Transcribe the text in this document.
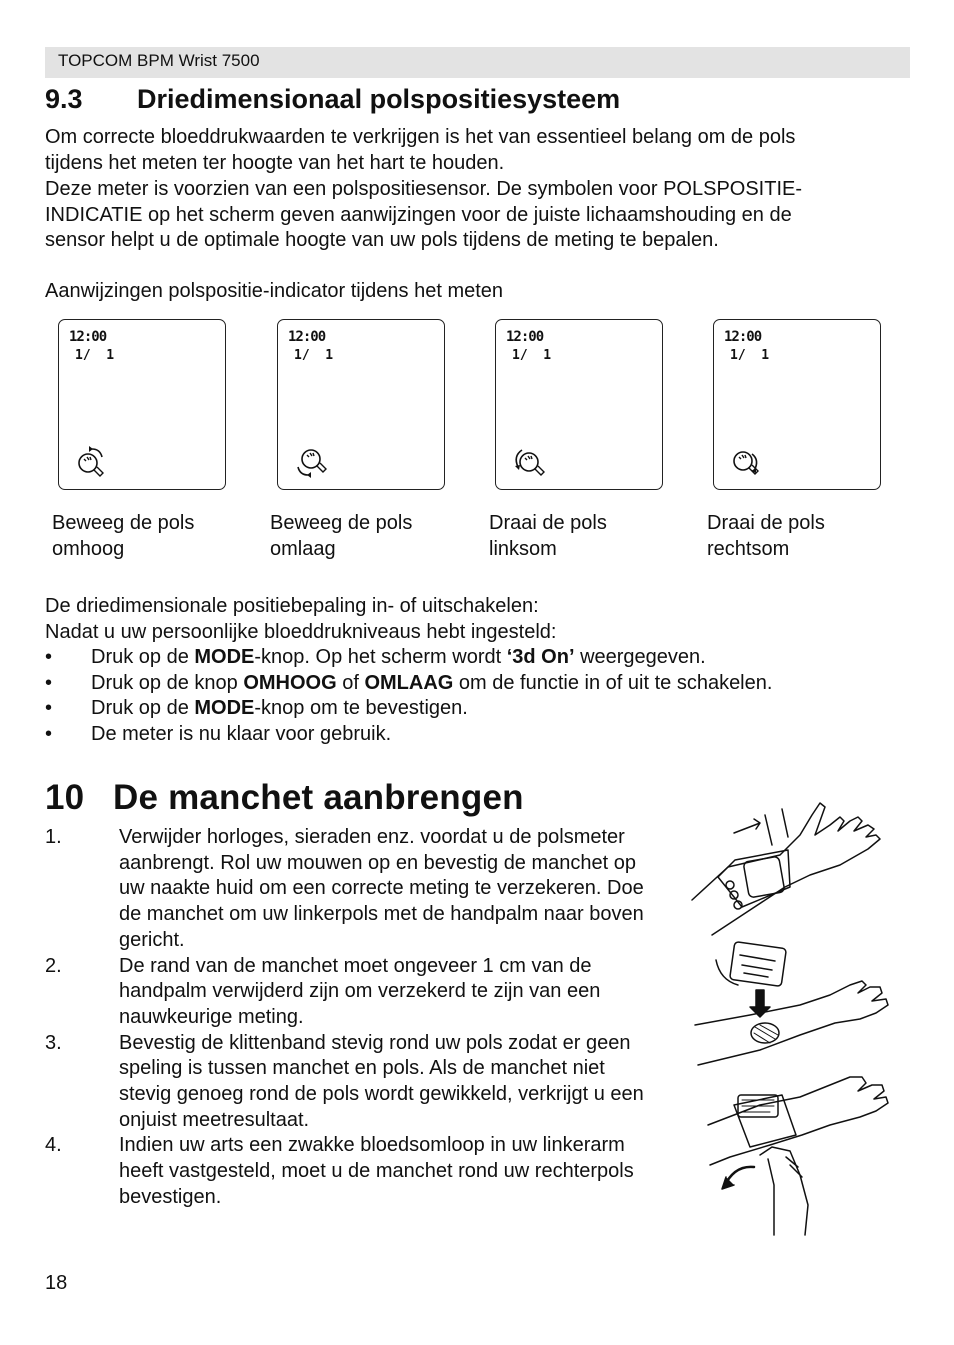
TOPCOM BPM Wrist 7500
9.3 Driedimensionaal polspositiesysteem
Om correcte bloeddrukwaarden te verkrijgen is het van essentieel belang om de pols
tijdens het meten ter hoogte van het hart te houden.
Deze meter is voorzien van een polspositiesensor. De symbolen voor POLSPOSITIE-
INDICATIE op het scherm geven aanwijzingen voor de juiste lichaamshouding en de
sensor helpt u de optimale hoogte van uw pols tijdens de meting te bepalen.
Aanwijzingen polspositie-indicator tijdens het meten
12:00
1/  1
12:00
1/  1
12:00
1/  1
12:00
1/  1
Beweeg de pols
omhoog
Beweeg de pols
omlaag
Draai de pols
linksom
Draai de pols
rechtsom
De driedimensionale positiebepaling in- of uitschakelen:
Nadat u uw persoonlijke bloeddrukniveaus hebt ingesteld:
• Druk op de MODE-knop. Op het scherm wordt ‘3d On’ weergegeven.
• Druk op de knop OMHOOG of OMLAAG om de functie in of uit te schakelen.
• Druk op de MODE-knop om te bevestigen.
• De meter is nu klaar voor gebruik.
10 De manchet aanbrengen
1.	Verwijder horloges, sieraden enz. voordat u de polsmeter aanbrengt. Rol uw mouwen op en bevestig de manchet op uw naakte huid om een correcte meting te verzekeren. Doe de manchet om uw linkerpols met de handpalm naar boven gericht.
2.	De rand van de manchet moet ongeveer 1 cm van de handpalm verwijderd zijn om verzekerd te zijn van een nauwkeurige meting.
3.	Bevestig de klittenband stevig rond uw pols zodat er geen speling is tussen manchet en pols. Als de manchet niet stevig genoeg rond de pols wordt gewikkeld, verkrijgt u een onjuist meetresultaat.
4.	Indien uw arts een zwakke bloedsomloop in uw linkerarm heeft vastgesteld, moet u de manchet rond uw rechterpols bevestigen.
18
